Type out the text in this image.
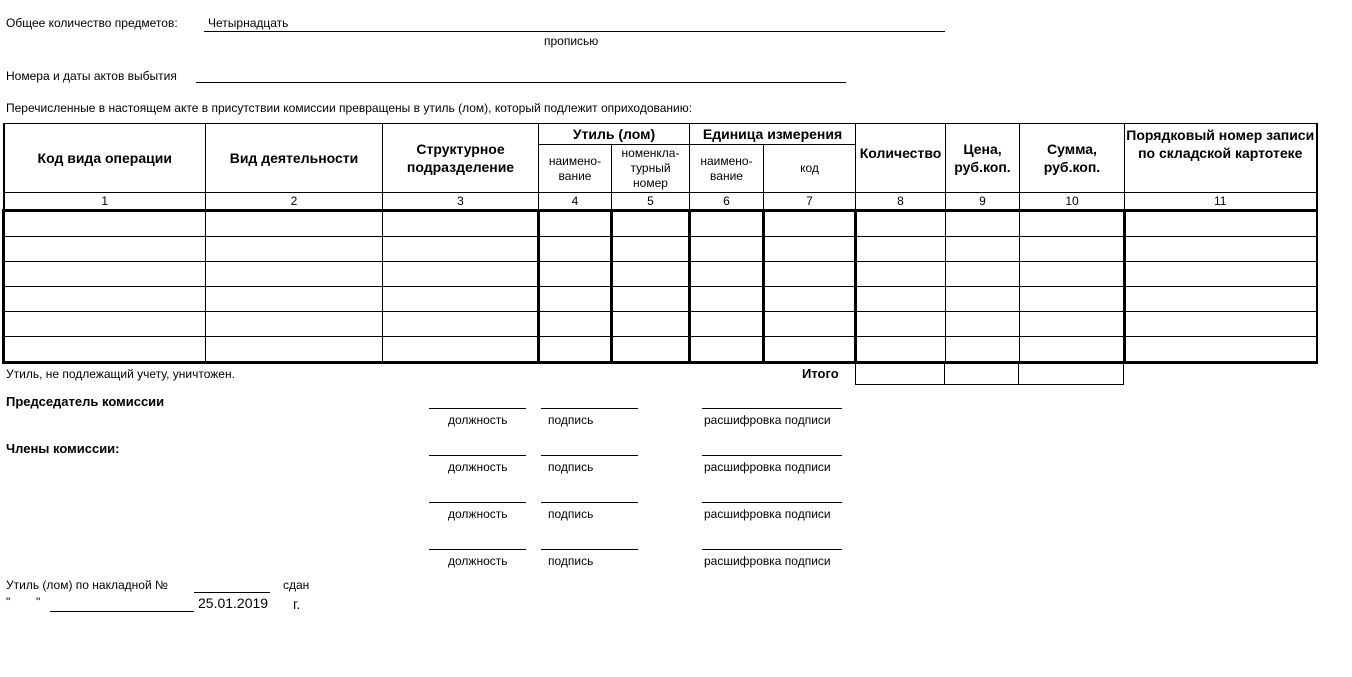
Общее количество предметов:	Четырнадцать
прописью
Номера и даты актов выбытия
Перечисленные в настоящем акте в присутствии комиссии превращены в утиль (лом), который подлежит оприходованию:
Код вида операции	Вид деятельности	Структурное подразделение	Утиль (лом)		Единица измерения		Количество	Цена, руб.коп.	Сумма, руб.коп.	Порядковый номер записи по складской картотеке
			наимено-вание	номенкла-турный номер	наимено-вание	код				
1	2	3	4	5	6	7	8	9	10	11

Итого

Утиль, не подлежащий учету, уничтожен.
Председатель комиссии
Члены комиссии:
должность	подпись	расшифровка подписи
должность	подпись	расшифровка подписи
должность	подпись	расшифровка подписи
должность	подпись	расшифровка подписи
Утиль (лом) по накладной №	сдан
" "	25.01.2019 г.
